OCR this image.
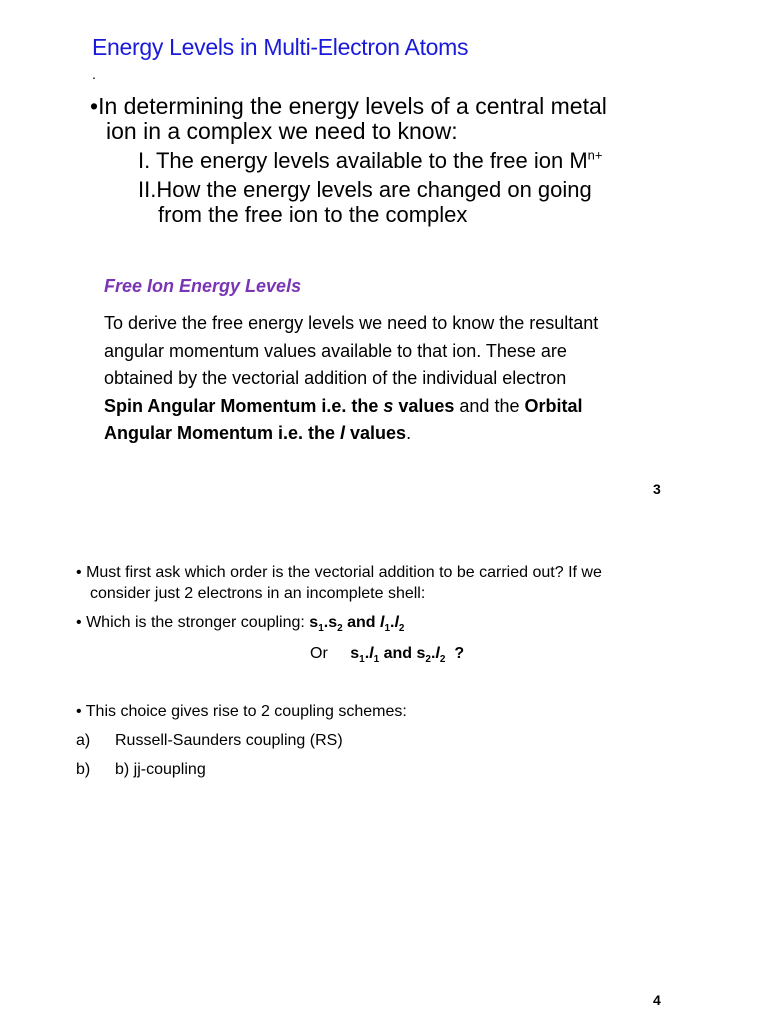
Energy Levels in Multi-Electron Atoms
.
•In determining the energy levels of a central metal
ion in a complex we need to know:
I. The energy levels available to the free ion $M^{n+}$
II.How the energy levels are changed on going
from the free ion to the complex
Free Ion Energy Levels
To derive the free energy levels we need to know the resultant
angular momentum values available to that ion. These are
obtained by the vectorial addition of the individual electron
Spin Angular Momentum i.e. the s values and the Orbital
Angular Momentum i.e. the l values.
3
• Must first ask which order is the vectorial addition to be carried out? If we
consider just 2 electrons in an incomplete shell:
• Which is the stronger coupling: $s_1.s_2$ and $l_1.l_2$
Or $s_1.l_1$ and $s_2.l_2$  ?
• This choice gives rise to 2 coupling schemes:
a) Russell-Saunders coupling (RS)
b) b) jj-coupling
4
